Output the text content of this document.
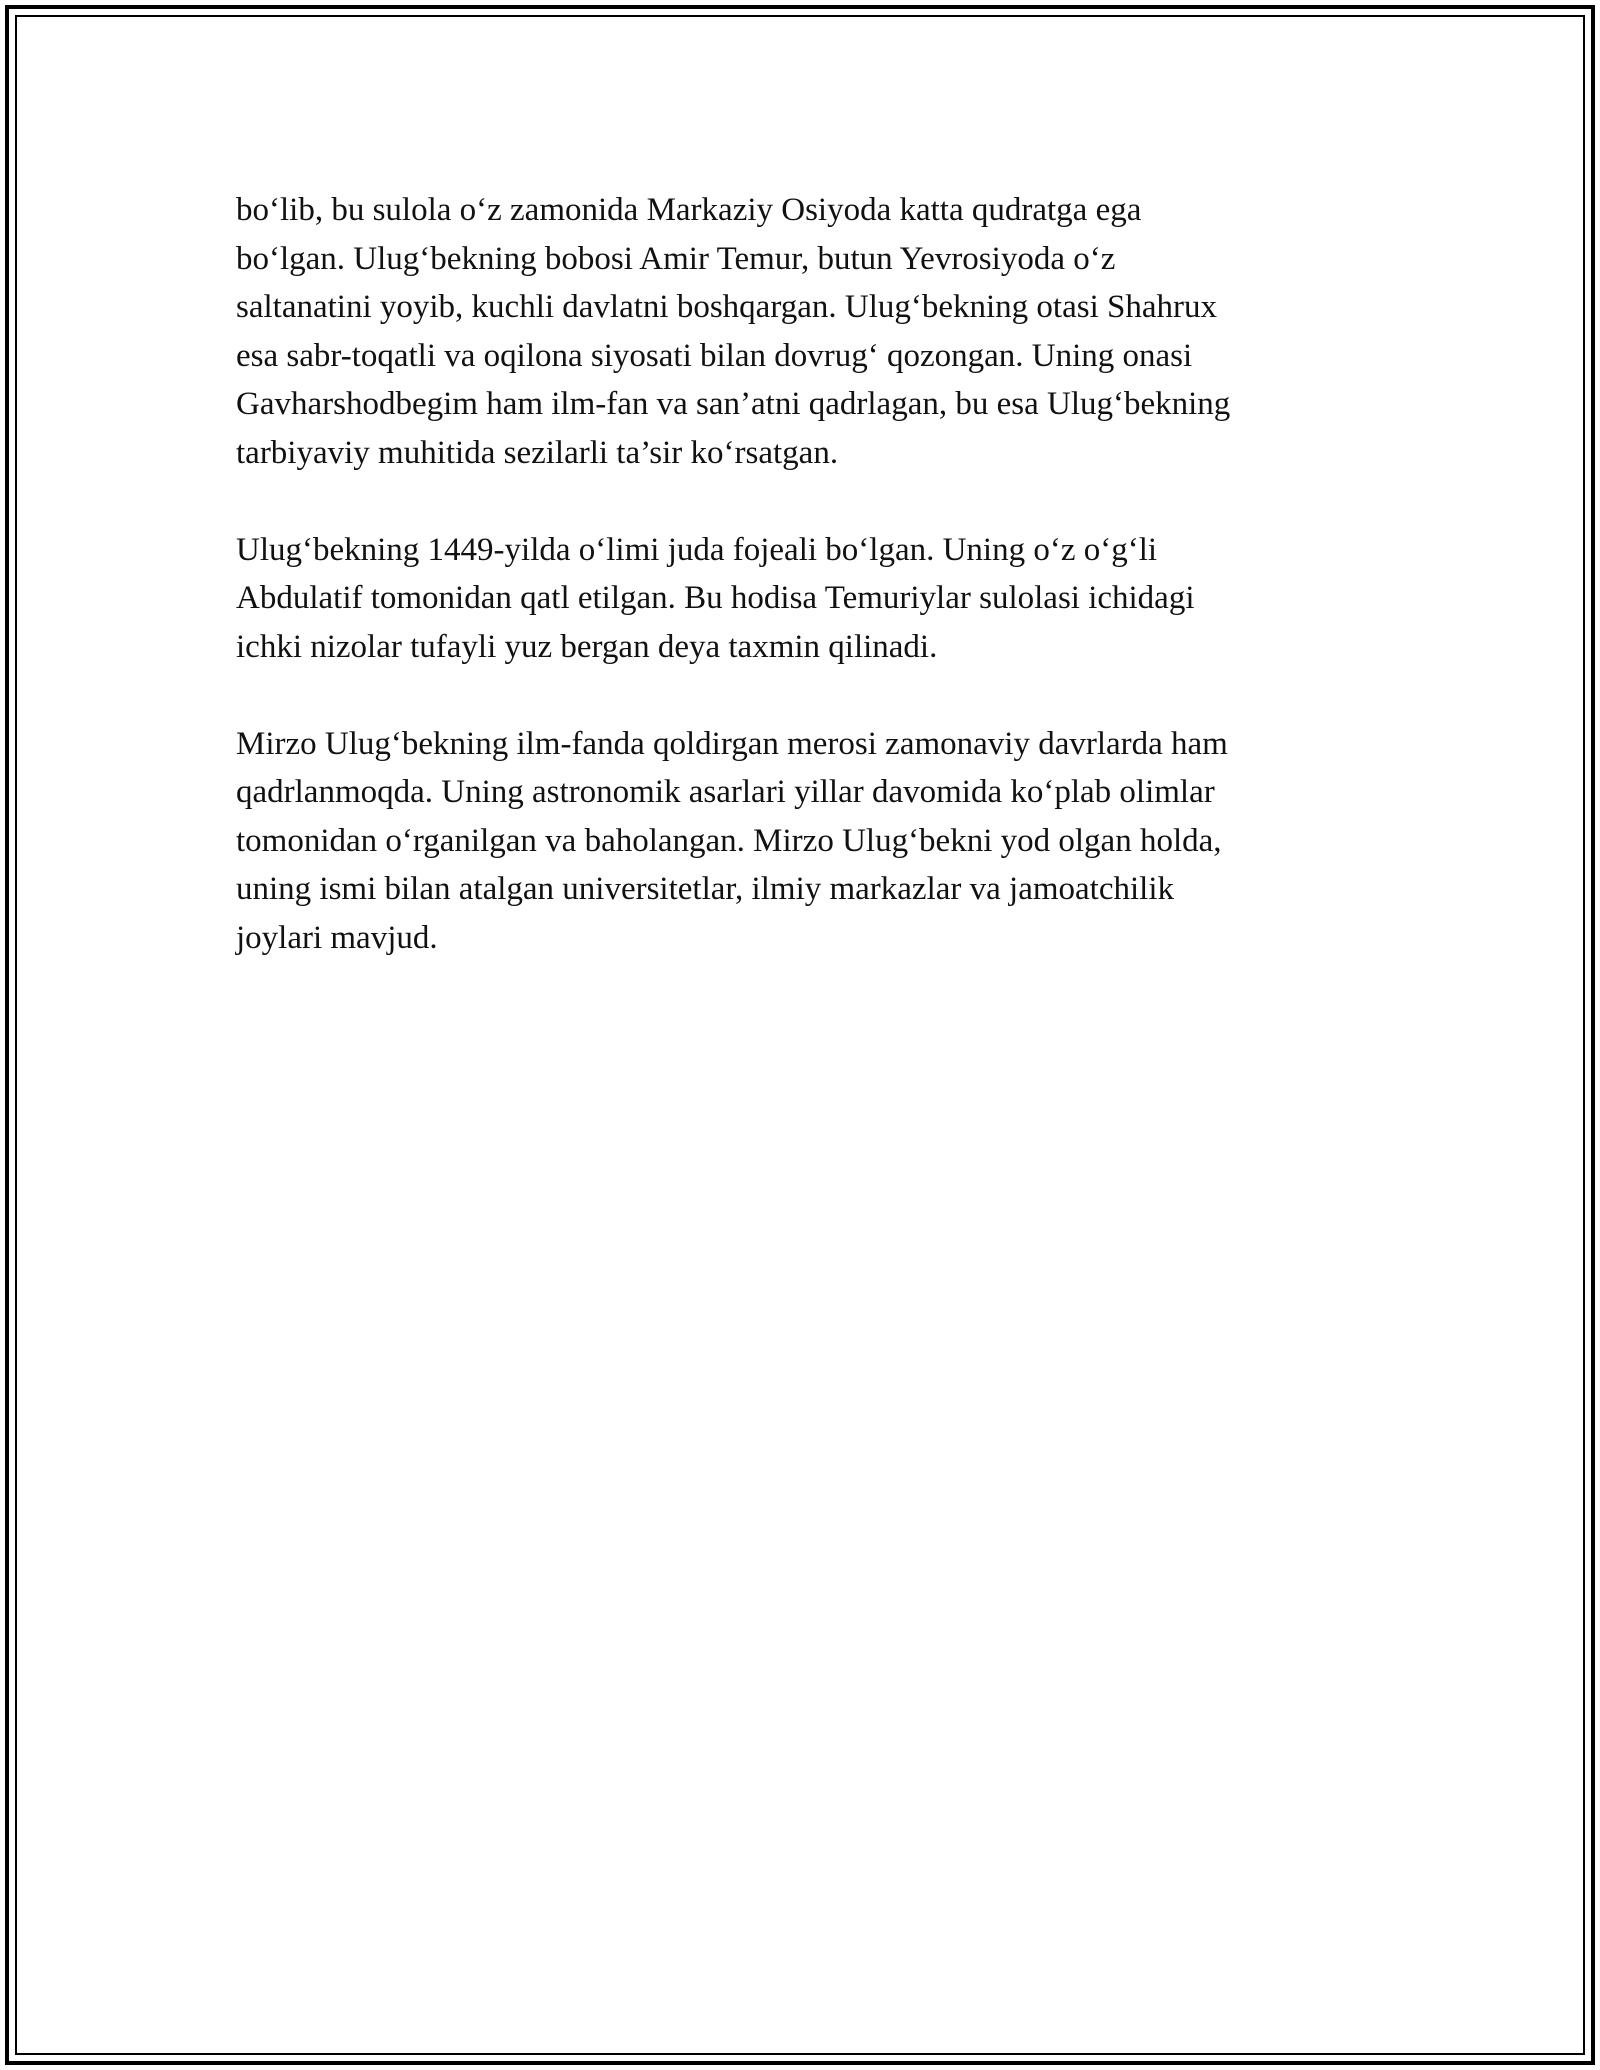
bo‘lib, bu sulola o‘z zamonida Markaziy Osiyoda katta qudratga ega
bo‘lgan. Ulug‘bekning bobosi Amir Temur, butun Yevrosiyoda o‘z
saltanatini yoyib, kuchli davlatni boshqargan. Ulug‘bekning otasi Shahrux
esa sabr-toqatli va oqilona siyosati bilan dovrug‘ qozongan. Uning onasi
Gavharshodbegim ham ilm-fan va san’atni qadrlagan, bu esa Ulug‘bekning
tarbiyaviy muhitida sezilarli ta’sir ko‘rsatgan.

Ulug‘bekning 1449-yilda o‘limi juda fojeali bo‘lgan. Uning o‘z o‘g‘li
Abdulatif tomonidan qatl etilgan. Bu hodisa Temuriylar sulolasi ichidagi
ichki nizolar tufayli yuz bergan deya taxmin qilinadi.

Mirzo Ulug‘bekning ilm-fanda qoldirgan merosi zamonaviy davrlarda ham
qadrlanmoqda. Uning astronomik asarlari yillar davomida ko‘plab olimlar
tomonidan o‘rganilgan va baholangan. Mirzo Ulug‘bekni yod olgan holda,
uning ismi bilan atalgan universitetlar, ilmiy markazlar va jamoatchilik
joylari mavjud.
